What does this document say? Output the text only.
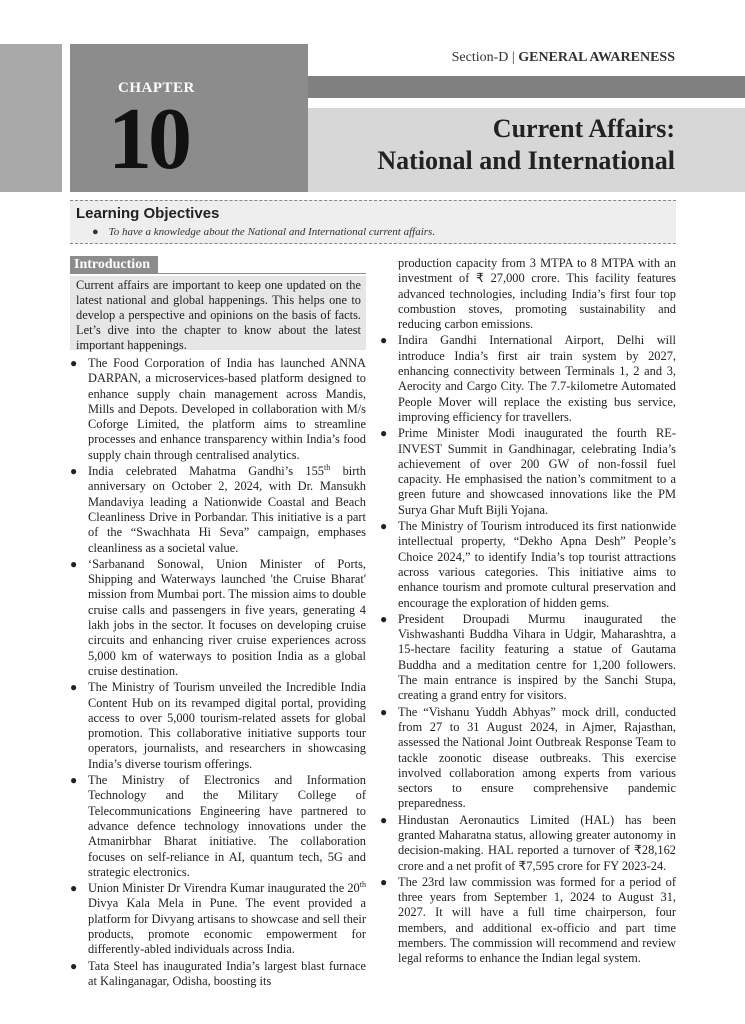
CHAPTER
10
Section-D | GENERAL AWARENESS
Current Affairs:
National and International
Learning Objectives
● To have a knowledge about the National and International current affairs.
Introduction
Current affairs are important to keep one updated on the latest national and global happenings. This helps one to develop a perspective and opinions on the basis of facts. Let’s dive into the chapter to know about the latest important happenings.
● The Food Corporation of India has launched ANNA DARPAN, a microservices-based platform designed to enhance supply chain management across Mandis, Mills and Depots. Developed in collaboration with M/s Coforge Limited, the platform aims to streamline processes and enhance transparency within India’s food supply chain through centralised analytics.
● India celebrated Mahatma Gandhi’s 155th birth anniversary on October 2, 2024, with Dr. Mansukh Mandaviya leading a Nationwide Coastal and Beach Cleanliness Drive in Porbandar. This initiative is a part of the “Swachhata Hi Seva” campaign, emphases cleanliness as a societal value.
● ‘Sarbanand Sonowal, Union Minister of Ports, Shipping and Waterways launched 'the Cruise Bharat' mission from Mumbai port. The mission aims to double cruise calls and passengers in five years, generating 4 lakh jobs in the sector. It focuses on developing cruise circuits and enhancing river cruise experiences across 5,000 km of waterways to position India as a global cruise destination.
● The Ministry of Tourism unveiled the Incredible India Content Hub on its revamped digital portal, providing access to over 5,000 tourism-related assets for global promotion. This collaborative initiative supports tour operators, journalists, and researchers in showcasing India’s diverse tourism offerings.
● The Ministry of Electronics and Information Technology and the Military College of Telecommunications Engineering have partnered to advance defence technology innovations under the Atmanirbhar Bharat initiative. The collaboration focuses on self-reliance in AI, quantum tech, 5G and strategic electronics.
● Union Minister Dr Virendra Kumar inaugurated the 20th Divya Kala Mela in Pune. The event provided a platform for Divyang artisans to showcase and sell their products, promote economic empowerment for differently-abled individuals across India.
● Tata Steel has inaugurated India’s largest blast furnace at Kalinganagar, Odisha, boosting its
production capacity from 3 MTPA to 8 MTPA with an investment of ₹ 27,000 crore. This facility features advanced technologies, including India’s first four top combustion stoves, promoting sustainability and reducing carbon emissions.
● Indira Gandhi International Airport, Delhi will introduce India’s first air train system by 2027, enhancing connectivity between Terminals 1, 2 and 3, Aerocity and Cargo City. The 7.7-kilometre Automated People Mover will replace the existing bus service, improving efficiency for travellers.
● Prime Minister Modi inaugurated the fourth RE-INVEST Summit in Gandhinagar, celebrating India’s achievement of over 200 GW of non-fossil fuel capacity. He emphasised the nation’s commitment to a green future and showcased innovations like the PM Surya Ghar Muft Bijli Yojana.
● The Ministry of Tourism introduced its first nationwide intellectual property, “Dekho Apna Desh” People’s Choice 2024,” to identify India’s top tourist attractions across various categories. This initiative aims to enhance tourism and promote cultural preservation and encourage the exploration of hidden gems.
● President Droupadi Murmu inaugurated the Vishwashanti Buddha Vihara in Udgir, Maharashtra, a 15-hectare facility featuring a statue of Gautama Buddha and a meditation centre for 1,200 followers. The main entrance is inspired by the Sanchi Stupa, creating a grand entry for visitors.
● The “Vishanu Yuddh Abhyas” mock drill, conducted from 27 to 31 August 2024, in Ajmer, Rajasthan, assessed the National Joint Outbreak Response Team to tackle zoonotic disease outbreaks. This exercise involved collaboration among experts from various sectors to ensure comprehensive pandemic preparedness.
● Hindustan Aeronautics Limited (HAL) has been granted Maharatna status, allowing greater autonomy in decision-making. HAL reported a turnover of ₹28,162 crore and a net profit of ₹7,595 crore for FY 2023-24.
● The 23rd law commission was formed for a period of three years from September 1, 2024 to August 31, 2027. It will have a full time chairperson, four members, and additional ex-officio and part time members. The commission will recommend and review legal reforms to enhance the Indian legal system.
